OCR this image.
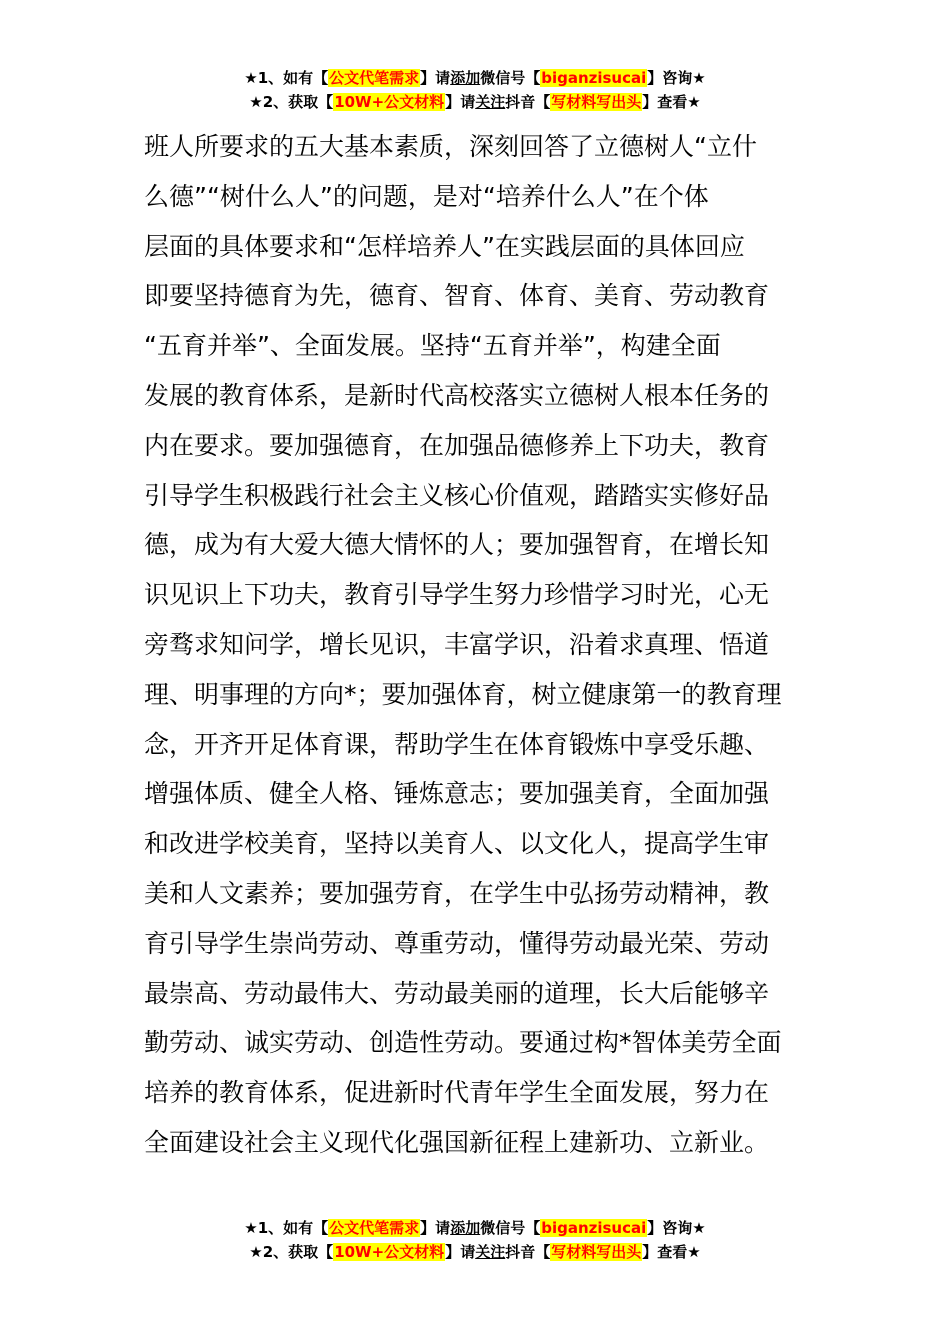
★1、如有【公文代笔需求】请添加微信号【biganzisucai】咨询★
★2、获取【10W+公文材料】请关注抖音【写材料写出头】查看★
班人所要求的五大基本素质，深刻回答了立德树人“立什
么德”“树什么人”的问题，是对“培养什么人”在个体
层面的具体要求和“怎样培养人”在实践层面的具体回应
即要坚持德育为先，德育、智育、体育、美育、劳动教育
“五育并举”、全面发展。坚持“五育并举”，构建全面
发展的教育体系，是新时代高校落实立德树人根本任务的
内在要求。要加强德育，在加强品德修养上下功夫，教育
引导学生积极践行社会主义核心价值观，踏踏实实修好品
德，成为有大爱大德大情怀的人；要加强智育，在增长知
识见识上下功夫，教育引导学生努力珍惜学习时光，心无
旁骛求知问学，增长见识，丰富学识，沿着求真理、悟道
理、明事理的方向*；要加强体育，树立健康第一的教育理
念，开齐开足体育课，帮助学生在体育锻炼中享受乐趣、
增强体质、健全人格、锤炼意志；要加强美育，全面加强
和改进学校美育，坚持以美育人、以文化人，提高学生审
美和人文素养；要加强劳育，在学生中弘扬劳动精神，教
育引导学生崇尚劳动、尊重劳动，懂得劳动最光荣、劳动
最崇高、劳动最伟大、劳动最美丽的道理，长大后能够辛
勤劳动、诚实劳动、创造性劳动。要通过构*智体美劳全面
培养的教育体系，促进新时代青年学生全面发展，努力在
全面建设社会主义现代化强国新征程上建新功、立新业。
★1、如有【公文代笔需求】请添加微信号【biganzisucai】咨询★
★2、获取【10W+公文材料】请关注抖音【写材料写出头】查看★
